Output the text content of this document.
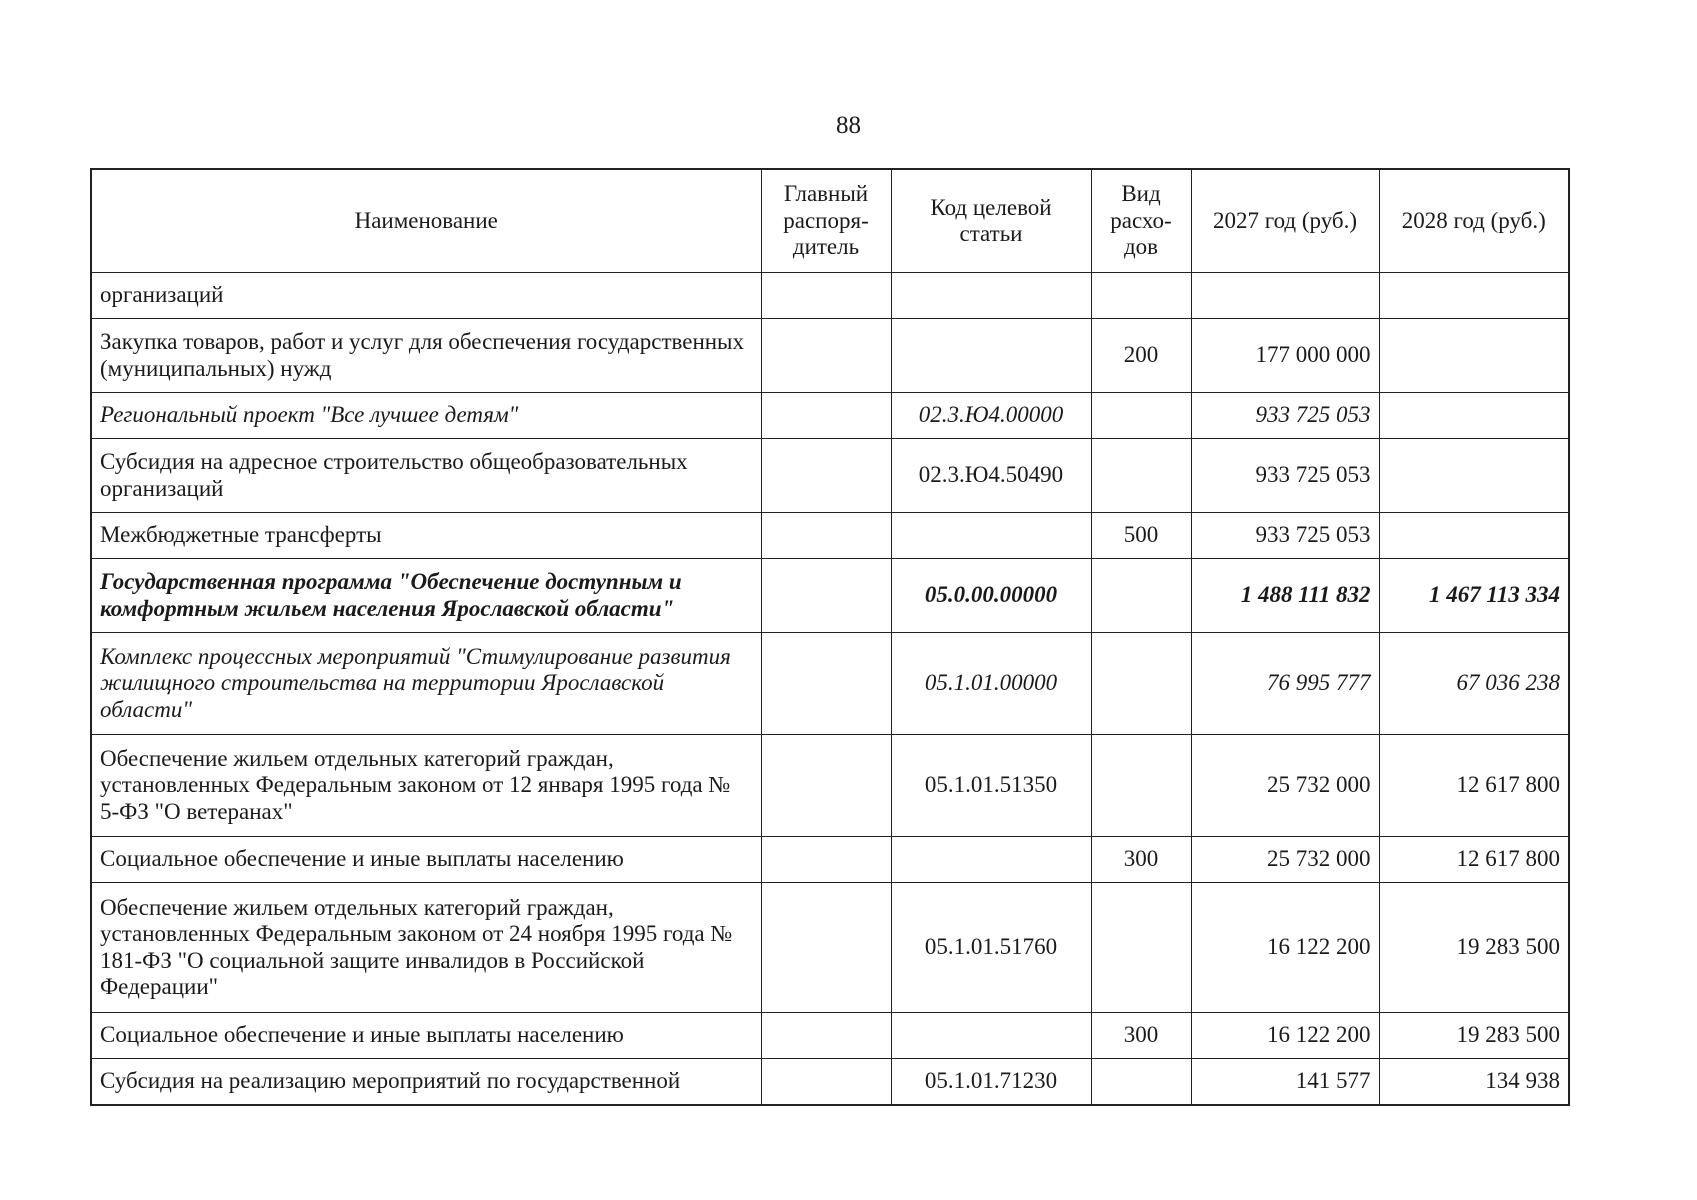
88
Наименование	Главный распоря-дитель	Код целевой статьи	Вид расхо-дов	2027 год (руб.)	2028 год (руб.)
организаций					
Закупка товаров, работ и услуг для обеспечения государственных (муниципальных) нужд			200	177 000 000	
Региональный проект "Все лучшее детям"		02.3.Ю4.00000		933 725 053	
Субсидия на адресное строительство общеобразовательных организаций		02.3.Ю4.50490		933 725 053	
Межбюджетные трансферты			500	933 725 053	
Государственная программа "Обеспечение доступным и комфортным жильем населения Ярославской области"		05.0.00.00000		1 488 111 832	1 467 113 334
Комплекс процессных мероприятий "Стимулирование развития жилищного строительства на территории Ярославской области"		05.1.01.00000		76 995 777	67 036 238
Обеспечение жильем отдельных категорий граждан, установленных Федеральным законом от 12 января 1995 года № 5-ФЗ "О ветеранах"		05.1.01.51350		25 732 000	12 617 800
Социальное обеспечение и иные выплаты населению			300	25 732 000	12 617 800
Обеспечение жильем отдельных категорий граждан, установленных Федеральным законом от 24 ноября 1995 года № 181-ФЗ "О социальной защите инвалидов в Российской Федерации"		05.1.01.51760		16 122 200	19 283 500
Социальное обеспечение и иные выплаты населению			300	16 122 200	19 283 500
Субсидия на реализацию мероприятий по государственной		05.1.01.71230		141 577	134 938
